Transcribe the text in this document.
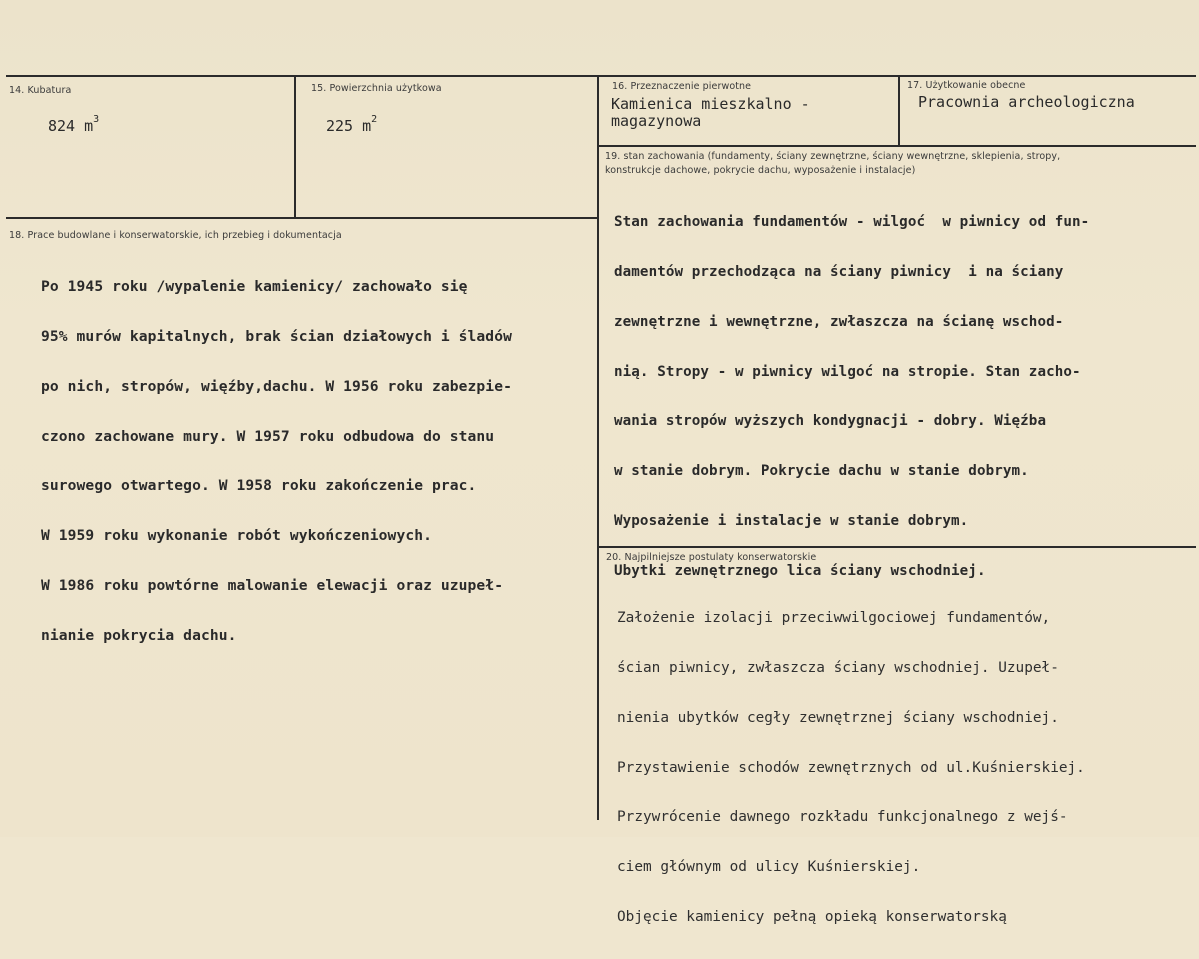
14. Kubatura
824 $m^3$
15. Powierzchnia użytkowa
225 $m^2$
16. Przeznaczenie pierwotne
Kamienica mieszkalno -
magazynowa
17. Użytkowanie obecne
Pracownia archeologiczna
18. Prace budowlane i konserwatorskie, ich przebieg i dokumentacja

Po 1945 roku /wypalenie kamienicy/ zachowało się

95% murów kapitalnych, brak ścian działowych i śladów

po nich, stropów, więźby,dachu. W 1956 roku zabezpie-

czono zachowane mury. W 1957 roku odbudowa do stanu

surowego otwartego. W 1958 roku zakończenie prac.

W 1959 roku wykonanie robót wykończeniowych.

W 1986 roku powtórne malowanie elewacji oraz uzupeł-

nianie pokrycia dachu.

19. stan zachowania (fundamenty, ściany zewnętrzne, ściany wewnętrzne, sklepienia, stropy,
konstrukcje dachowe, pokrycie dachu, wyposażenie i instalacje)

Stan zachowania fundamentów - wilgoć  w piwnicy od fun-

damentów przechodząca na ściany piwnicy  i na ściany

zewnętrzne i wewnętrzne, zwłaszcza na ścianę wschod-

nią. Stropy - w piwnicy wilgoć na stropie. Stan zacho-

wania stropów wyższych kondygnacji - dobry. Więźba

w stanie dobrym. Pokrycie dachu w stanie dobrym.

Wyposażenie i instalacje w stanie dobrym.

Ubytki zewnętrznego lica ściany wschodniej.

20. Najpilniejsze postulaty konserwatorskie

Założenie izolacji przeciwwilgociowej fundamentów,

ścian piwnicy, zwłaszcza ściany wschodniej. Uzupeł-

nienia ubytków cegły zewnętrznej ściany wschodniej.

Przystawienie schodów zewnętrznych od ul.Kuśnierskiej.

Przywrócenie dawnego rozkładu funkcjonalnego z wejś-

ciem głównym od ulicy Kuśnierskiej.

Objęcie kamienicy pełną opieką konserwatorską
